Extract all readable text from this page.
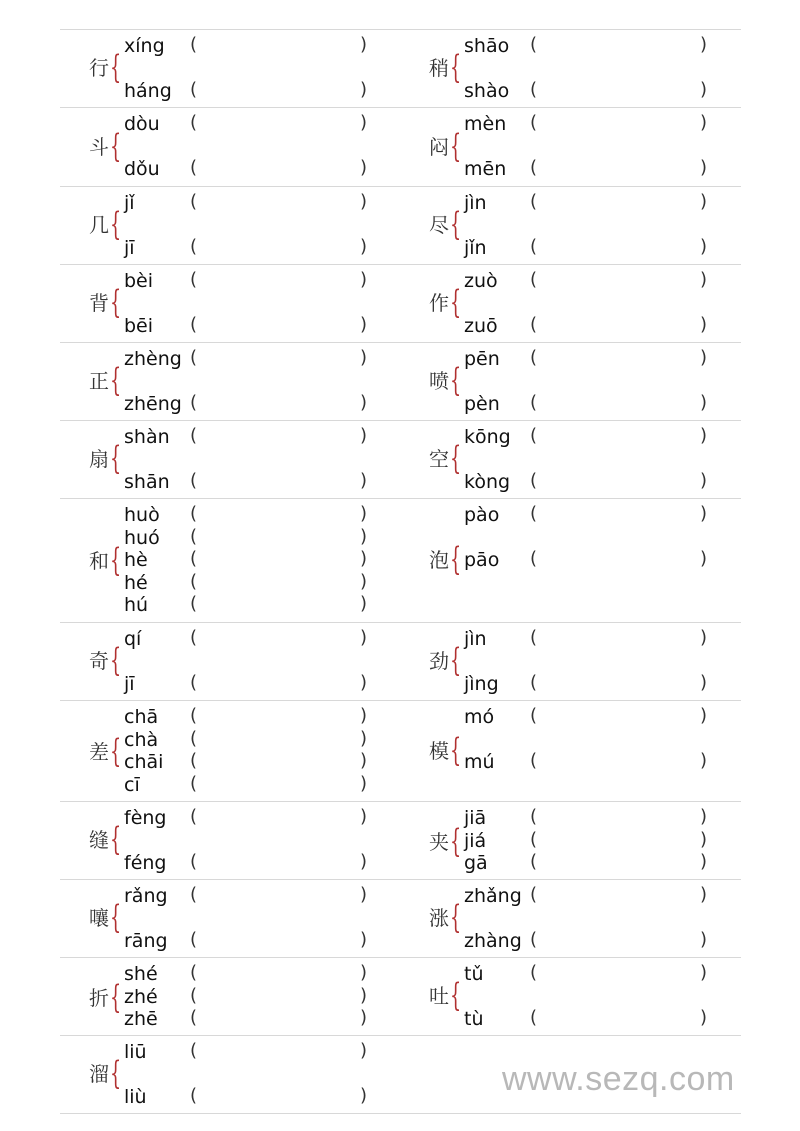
行 {
xíng (	)
háng (	)
稍 {
shāo (	)
shào (	)
斗 {
dòu (	)
dǒu (	)
闷 {
mèn (	)
mēn (	)
几 {
jǐ	(	)
jī	(	)
尽 {
jìn (	)
jǐn (	)
背 {
bèi (	)
bēi (	)
作 {
zuò (	)
zuō (	)
正 {
zhèng (	)
zhēng (	)
喷 {
pēn (	)
pèn (	)
扇 {
shàn (	)
shān (	)
空 {
kōng (	)
kòng (	)
和 {
huò (	)
huó (	)
hè (	)
hé (	)
hú (	)
泡 {
pào (	)
pāo (	)
奇 {
qí	(	)
jī	(	)
劲 {
jìn (	)
jìng (	)
差 {
chā (	)
chà (	)
chāi (	)
cī	(	)
模 {
mó (	)
mú (	)
缝 {
fèng (	)
féng (	)
夹 {
jiā (	)
jiá (	)
gā (	)
嚷 {
rǎng (	)
rāng (	)
涨 {
zhǎng (	)
zhàng (	)
折 {
shé (	)
zhé (	)
zhē (	)
吐 {
tǔ	(	)
tù	(	)
溜 {
liū (	)
liù (	)	www.sezq.com
